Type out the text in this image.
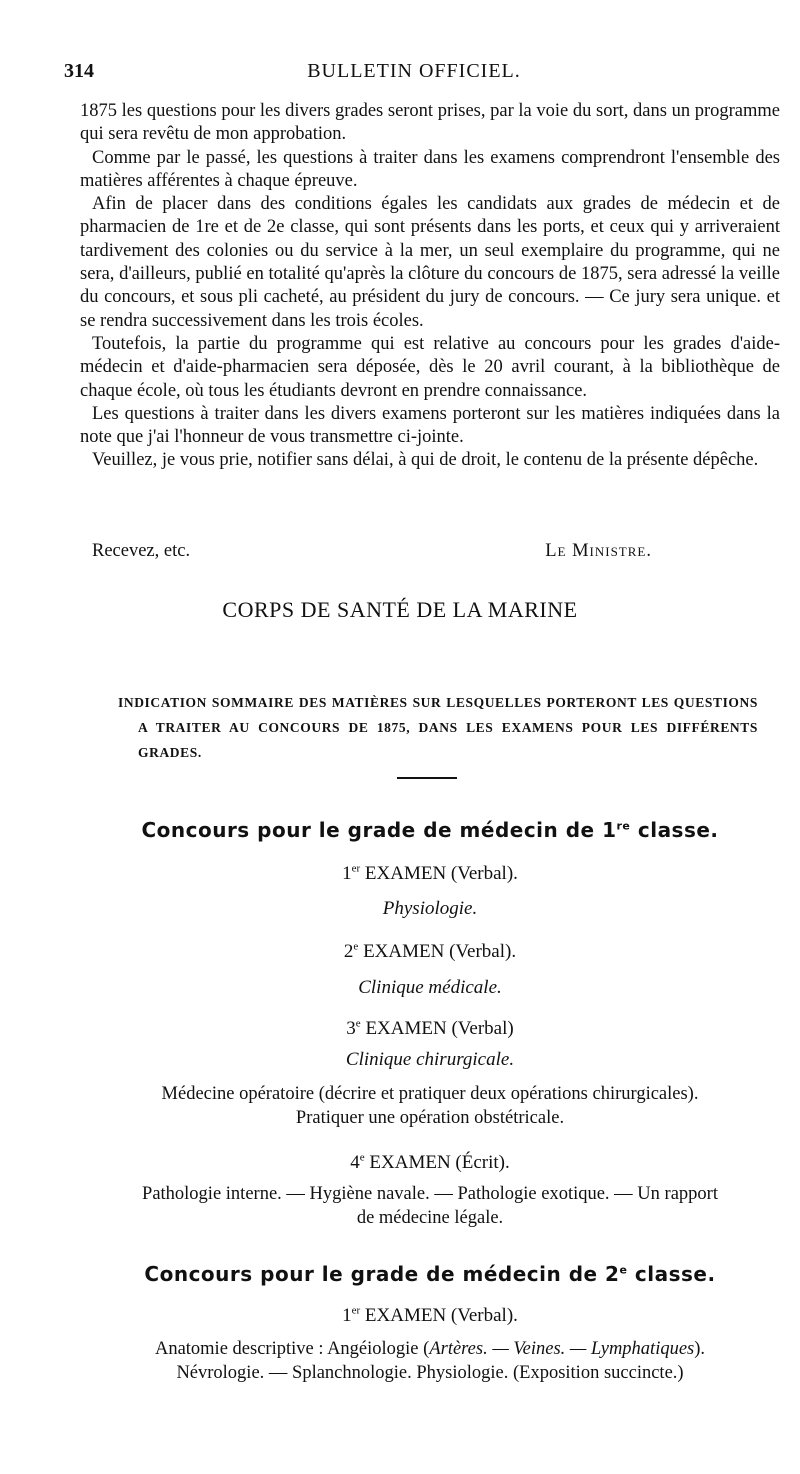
314	BULLETIN OFFICIEL.

1875 les questions pour les divers grades seront prises, par la voie du sort, dans un programme qui sera revêtu de mon approbation.

Comme par le passé, les questions à traiter dans les examens comprendront l'ensemble des matières afférentes à chaque épreuve.

Afin de placer dans des conditions égales les candidats aux grades de médecin et de pharmacien de 1re et de 2e classe, qui sont présents dans les ports, et ceux qui y arriveraient tardivement des colonies ou du service à la mer, un seul exemplaire du programme, qui ne sera, d'ailleurs, publié en totalité qu'après la clôture du concours de 1875, sera adressé la veille du concours, et sous pli cacheté, au président du jury de concours. — Ce jury sera unique. et se rendra successivement dans les trois écoles.

Toutefois, la partie du programme qui est relative au concours pour les grades d'aide-médecin et d'aide-pharmacien sera déposée, dès le 20 avril courant, à la bibliothèque de chaque école, où tous les étudiants devront en prendre connaissance.

Les questions à traiter dans les divers examens porteront sur les matières indiquées dans la note que j'ai l'honneur de vous transmettre ci-jointe.

Veuillez, je vous prie, notifier sans délai, à qui de droit, le contenu de la présente dépêche.

Recevez, etc.	Le Ministre.
CORPS DE SANTÉ DE LA MARINE

INDICATION SOMMAIRE DES MATIÈRES SUR LESQUELLES PORTERONT LES QUESTIONS A TRAITER AU CONCOURS DE 1875, DANS LES EXAMENS POUR LES DIFFÉRENTS GRADES.

Concours pour le grade de médecin de 1re classe.
1er EXAMEN (Verbal).
Physiologie.
2e EXAMEN (Verbal).
Clinique médicale.
3e EXAMEN (Verbal)
Clinique chirurgicale.

Médecine opératoire (décrire et pratiquer deux opérations chirurgicales).

Pratiquer une opération obstétricale.

4e EXAMEN (Écrit).

Pathologie interne. — Hygiène navale. — Pathologie exotique. — Un rapport

de médecine légale.

Concours pour le grade de médecin de 2e classe.
1er EXAMEN (Verbal).

Anatomie descriptive : Angéiologie (Artères. — Veines. — Lymphatiques).

Névrologie. — Splanchnologie. Physiologie. (Exposition succincte.)
